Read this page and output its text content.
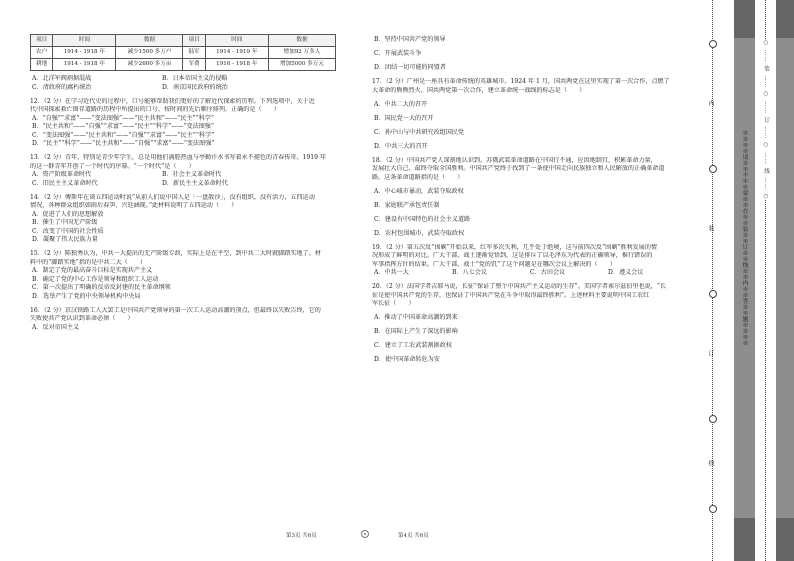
项目	时间	数据	项目	时间	数据
农户	1914 - 1918 年	减少1500 多万户	陆军	1914 - 1919 年	增加92 万多人
耕地	1914 - 1918 年	减少2600 多万亩	军费	1916 - 1918 年	增加5000 多万元
A．北洋军阀割据混战	B．日本帝国主义的侵略
C．清政府的腐朽统治	D．南京国民政府的统治

12．（2 分）在学习近代史的过程中，口号能够帮助我们更好的了解近代探索的历程。下列选项中，关于近

代中国探索救亡图存道路的历程中所提出的口号，按时间的先后顺序排列，正确的是（　　）

A．“自强”“求富”——“变法图强”——“民主共和”——“民主”“科学”

B．“民主共和”——“自强”“求富”——“民主”“科学”——“变法图强”

C．“变法图强”——“民主共和”——“自强”“求富”——“民主”“科学”

D．“民主”“科学”——“民主共和”——“自强”“求富”——“变法图强”

13．（2 分）青年，特别是青少年学生，总是用他们满腔热血与亭勤汗水书写着永不褪色的青春传奇。1919 年

的这一群青年开创了一个时代的序幕。“一个时代”是（　　）

A．资产阶级革命时代	B．社会主义革命时代
C．旧民主主义革命时代	D．新民主主义革命时代

14．（2 分）傅斯年在谈五四运动时说“从前人们说中国人是「一盘散沙」，没有组织，没有活力，五四运动

情况，各种群众组织如雨后春笋，兴廷涵现。”此材料说明了五四运动（　　）

A．促进了人们的思想解放

B．催生了中国无产阶级

C．改变了中国的社会性质

D．凝聚了伟大民族力量

15．（2 分）陈独秀认为，中共一大提出的无产阶级专政，实际上是在平空，到中共二大时就脚踏实地了。材

料中的“脚踏实地”指的是中共二大（　　）

A．制定了党的最高奋斗目标是实现共产主义

B．确定了党的中心工作是领导和组织工人运动

C．第一次提出了明确的反帝反封建的民主革命纲领

D．选举产生了党的中央领导机构中央局

16．（2 分）京汉铁路工人大罢工是中国共产党领导的第一次工人运动高潮的顶点，但最终以失败告终，它的

失败使共产党认识到革命必须（　　）

A．反对帝国主义

B．坚持中国共产党的领导

C．开展武装斗争

D．团结一切可能的同盟者

17．（2 分）广州是一座具有革命传统的英雄城市。1924 年 1 月，国共两党在这里实现了第一次合作，点燃了

大革命的熊熊烈火。国共两党第一次合作，建立革命统一战线的标志是（　　）

A．中共二大的召开

B．国民党一大的召开

C．孙中山与中共研究改组国民党

D．中共三大的召开

18．（2 分）中国共产党人深刻地认识到，苏俄武装革命道路在中国行不通，应因地制宜，积累革命力量，

发展壮大自己，最终夺取全国胜利。中国共产党终于找到了一条使中国走向民族独立和人民解放的正确革命道

路。这条革命道路指的是（　　）

A．中心城市暴动，武装夺取政权

B．家庭联产承包责任制

C．建设有中国特色的社会主义道路

D．农村包围城市，武装夺取政权

19．（2 分）第五次反“围剿”开始以来，红军多次失利，几乎处于绝境，这与前四次反“围剿”胜利发展的情

况形成了鲜明的对比。广大干部、战士逐渐觉悟到，这是排斥了以毛泽东为代表的正确领导，推行错误的

军事指挥方针的结果。广大干部、战士“党的饥”了这个问题是在哪次会议上解决的（　　）

A．中共一大	B．八七会议	C．古田会议	D．遵义会议

20．（2 分）法国学者吉耶马说，长征“保证了整个中国共产主义运动的生存”。美国学者索尔兹伯里也说，“长

征是使中国共产党的生存，也保证了中国共产党在斗争中取得最终胜利”。上述材料主要说明中国工农红

军长征（　　）

A．推动了中国革命高潮的到来

B．在国际上产生了深远的影响

C．建立了工农武装割据政权

D．使中国革命转危为安

第3页 共6页	第4页 共6页
内
装
订
线
○ …… 装 …… ○ …… 订 …… ○ …… 线 …… ○
※※※※请※※不※※要※※在※※装※※订※※线※※内※※答※※题※※※※
